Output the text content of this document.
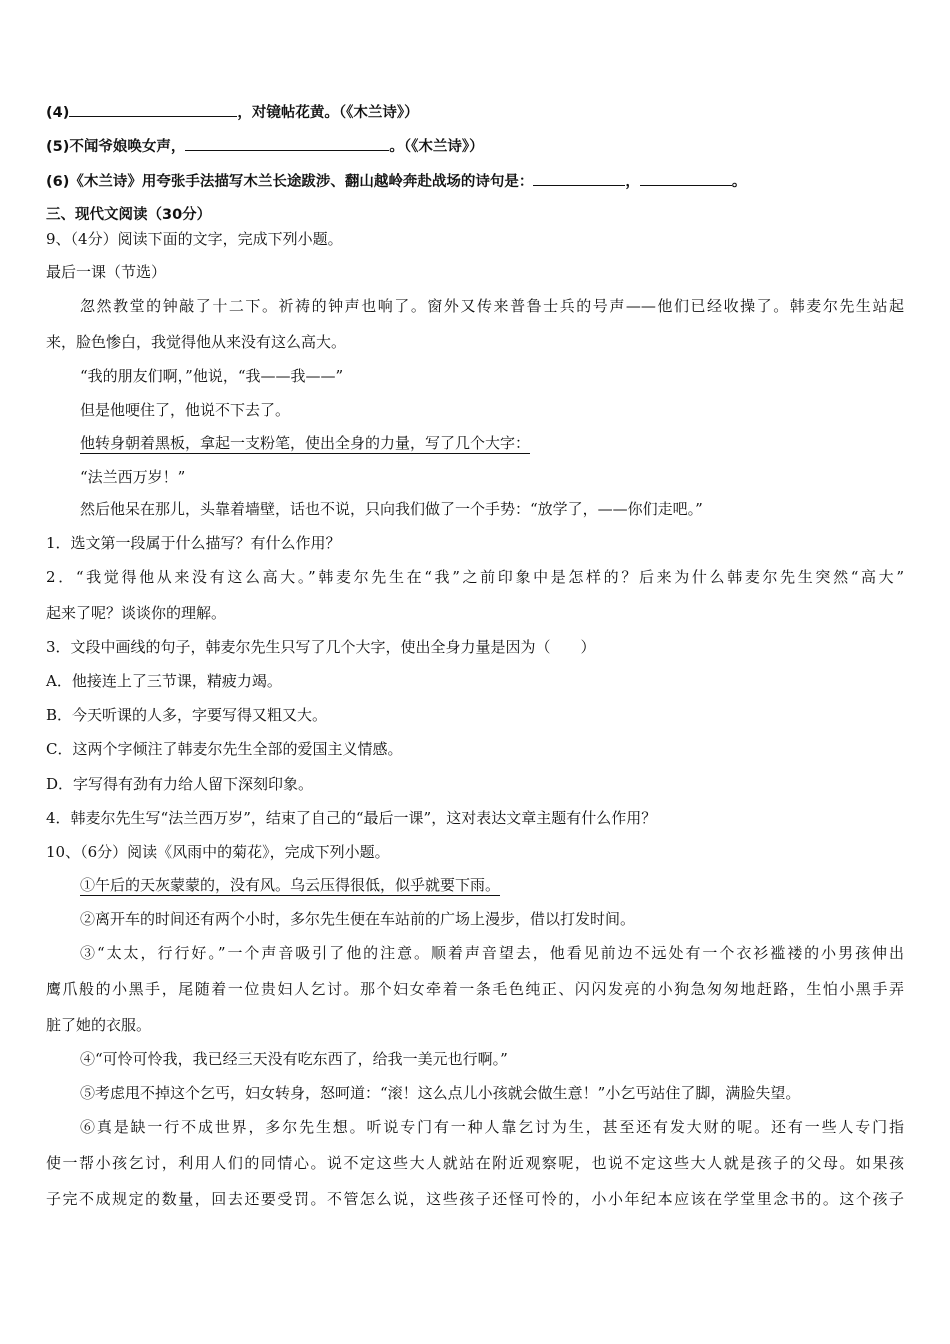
(4)	，对镜帖花黄。（《木兰诗》）
(5)不闻爷娘唤女声，	。（《木兰诗》）
(6)《木兰诗》用夸张手法描写木兰长途跋涉、翻山越岭奔赴战场的诗句是：	，	。
三、现代文阅读（30分）
9、（4分）阅读下面的文字，完成下列小题。
最后一课（节选）
忽然教堂的钟敲了十二下。祈祷的钟声也响了。窗外又传来普鲁士兵的号声——他们已经收操了。韩麦尔先生站起
来，脸色惨白，我觉得他从来没有这么高大。
“我的朋友们啊，”他说，“我——我——”
但是他哽住了，他说不下去了。
他转身朝着黑板，拿起一支粉笔，使出全身的力量，写了几个大字：
“法兰西万岁！”
然后他呆在那儿，头靠着墙壁，话也不说，只向我们做了一个手势：“放学了，——你们走吧。”
1．选文第一段属于什么描写？有什么作用？
2．“我觉得他从来没有这么高大。”韩麦尔先生在“我”之前印象中是怎样的？后来为什么韩麦尔先生突然“高大”
起来了呢？谈谈你的理解。
3．文段中画线的句子，韩麦尔先生只写了几个大字，使出全身力量是因为（　　）
A．他接连上了三节课，精疲力竭。
B．今天听课的人多，字要写得又粗又大。
C．这两个字倾注了韩麦尔先生全部的爱国主义情感。
D．字写得有劲有力给人留下深刻印象。
4．韩麦尔先生写“法兰西万岁”，结束了自己的“最后一课”，这对表达文章主题有什么作用？
10、（6分）阅读《风雨中的菊花》，完成下列小题。
①午后的天灰蒙蒙的，没有风。乌云压得很低，似乎就要下雨。
②离开车的时间还有两个小时，多尔先生便在车站前的广场上漫步，借以打发时间。
③“太太，行行好。”一个声音吸引了他的注意。顺着声音望去，他看见前边不远处有一个衣衫褴褛的小男孩伸出
鹰爪般的小黑手，尾随着一位贵妇人乞讨。那个妇女牵着一条毛色纯正、闪闪发亮的小狗急匆匆地赶路，生怕小黑手弄
脏了她的衣服。
④“可怜可怜我，我已经三天没有吃东西了，给我一美元也行啊。”
⑤考虑甩不掉这个乞丐，妇女转身，怒呵道：“滚！这么点儿小孩就会做生意！”小乞丐站住了脚，满脸失望。
⑥真是缺一行不成世界，多尔先生想。听说专门有一种人靠乞讨为生，甚至还有发大财的呢。还有一些人专门指
使一帮小孩乞讨，利用人们的同情心。说不定这些大人就站在附近观察呢，也说不定这些大人就是孩子的父母。如果孩
子完不成规定的数量，回去还要受罚。不管怎么说，这些孩子还怪可怜的，小小年纪本应该在学堂里念书的。这个孩子
